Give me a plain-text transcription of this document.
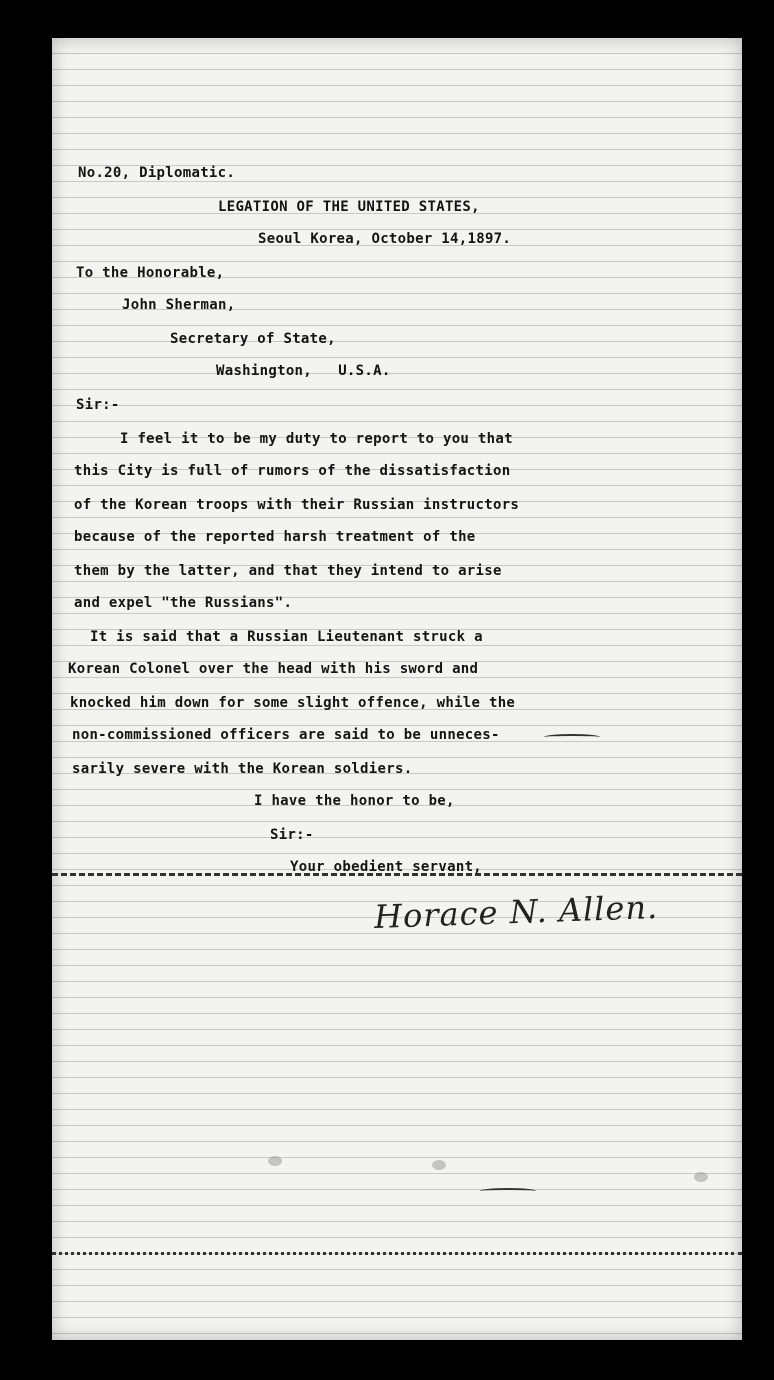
No.20, Diplomatic.
LEGATION OF THE UNITED STATES,
Seoul Korea, October 14,1897.
To the Honorable,
John Sherman,
Secretary of State,
Washington,   U.S.A.
Sir:-
I feel it to be my duty to report to you that
this City is full of rumors of the dissatisfaction
of the Korean troops with their Russian instructors
because of the reported harsh treatment of the
them by the latter, and that they intend to arise
and expel "the Russians".
It is said that a Russian Lieutenant struck a
Korean Colonel over the head with his sword and
knocked him down for some slight offence, while the
non-commissioned officers are said to be unneces-
sarily severe with the Korean soldiers.
I have the honor to be,
Sir:-
Your obedient servant,
Horace N. Allen.
